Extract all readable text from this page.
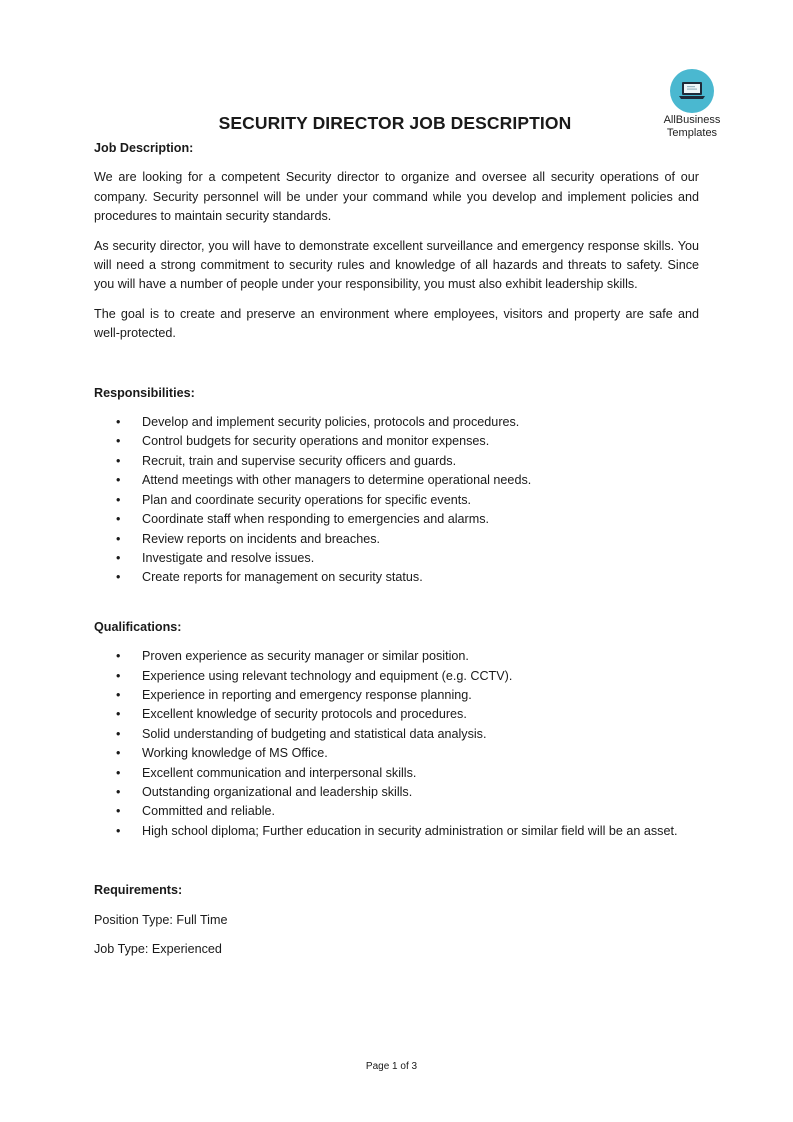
AllBusiness
Templates
SECURITY DIRECTOR JOB DESCRIPTION

Job Description:

We are looking for a competent Security director to organize and oversee all security operations of our company. Security personnel will be under your command while you develop and implement policies and procedures to maintain security standards.

As security director, you will have to demonstrate excellent surveillance and emergency response skills. You will need a strong commitment to security rules and knowledge of all hazards and threats to safety. Since you will have a number of people under your responsibility, you must also exhibit leadership skills.

The goal is to create and preserve an environment where employees, visitors and property are safe and well-protected.

Responsibilities:

• Develop and implement security policies, protocols and procedures.
• Control budgets for security operations and monitor expenses.
• Recruit, train and supervise security officers and guards.
• Attend meetings with other managers to determine operational needs.
• Plan and coordinate security operations for specific events.
• Coordinate staff when responding to emergencies and alarms.
• Review reports on incidents and breaches.
• Investigate and resolve issues.
• Create reports for management on security status.

Qualifications:

• Proven experience as security manager or similar position.
• Experience using relevant technology and equipment (e.g. CCTV).
• Experience in reporting and emergency response planning.
• Excellent knowledge of security protocols and procedures.
• Solid understanding of budgeting and statistical data analysis.
• Working knowledge of MS Office.
• Excellent communication and interpersonal skills.
• Outstanding organizational and leadership skills.
• Committed and reliable.
• High school diploma; Further education in security administration or similar field will be an asset.

Requirements:

Position Type: Full Time

Job Type: Experienced

Page 1 of 3
